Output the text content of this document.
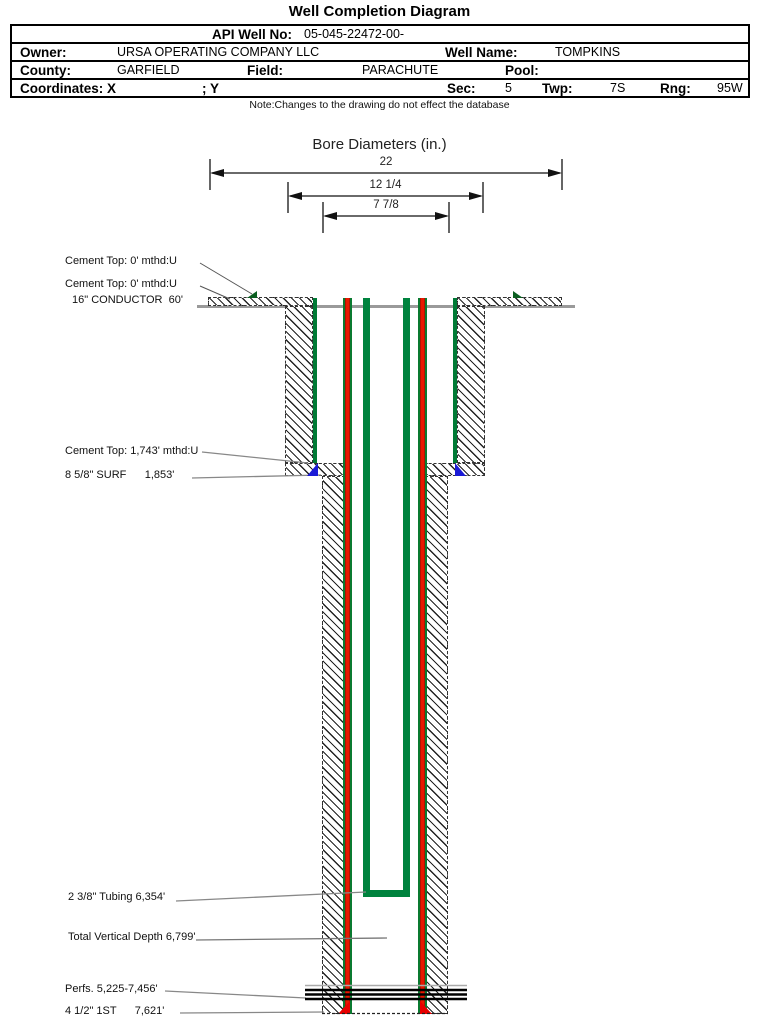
Well Completion Diagram
API Well No: 05-045-22472-00-
Owner:	URSA OPERATING COMPANY LLC	Well Name:	TOMPKINS
County:	GARFIELD	Field:	PARACHUTE	Pool:
Coordinates: X	; Y	Sec: 5 Twp:	7S	Rng: 95W
Note:Changes to the drawing do not effect the database
Bore Diameters (in.)
22
12 1/4
7 7/8
Cement Top: 0' mthd:U
Cement Top: 0' mthd:U
16" CONDUCTOR  60'
Cement Top: 1,743' mthd:U
8 5/8" SURF      1,853'
2 3/8" Tubing 6,354'
Total Vertical Depth 6,799'
Perfs. 5,225-7,456'
4 1/2" 1ST      7,621'
